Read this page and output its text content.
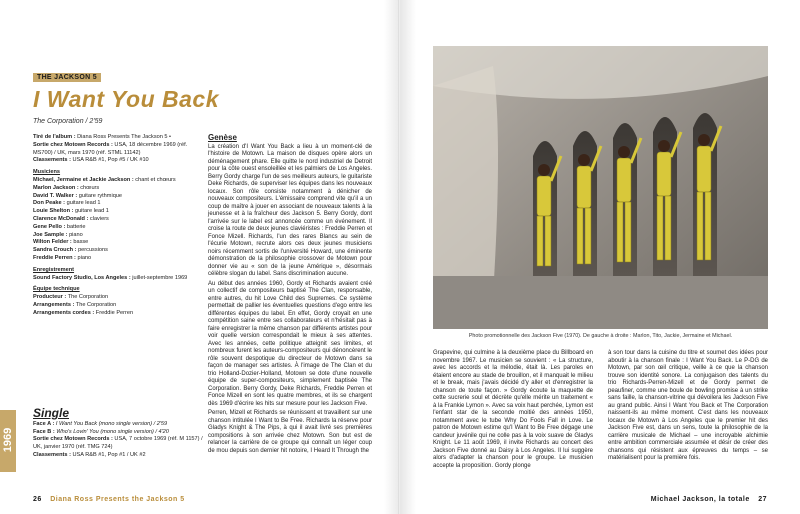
THE JACKSON 5
I Want You Back
The Corporation / 2'59

Tiré de l'album : Diana Ross Presents The Jackson 5 •

Sortie chez Motown Records : USA, 18 décembre 1969 (réf. MS700) / UK, mars 1970 (réf. STML 11142)

Classements : USA R&B #1, Pop #5 / UK #10

Musiciens

Michael, Jermaine et Jackie Jackson : chant et chœurs

Marlon Jackson : chœurs

David T. Walker : guitare rythmique

Don Peake : guitare lead 1

Louie Shelton : guitare lead 1

Clarence McDonald : claviers

Gene Pello : batterie

Joe Sample : piano

Wilton Felder : basse

Sandra Crouch : percussions

Freddie Perren : piano

Enregistrement

Sound Factory Studio, Los Angeles : juillet-septembre 1969

Équipe technique

Producteur : The Corporation

Arrangements : The Corporation

Arrangements cordes : Freddie Perren

1969
Single

Face A : I Want You Back (mono single version) / 2'59

Face B : Who's Lovin' You (mono single version) / 4'20

Sortie chez Motown Records : USA, 7 octobre 1969 (réf. M 1157) / UK, janvier 1970 (réf. TMG 724)

Classements : USA R&B #1, Pop #1 / UK #2

Genèse

La création d'I Want You Back a lieu à un moment-clé de l'histoire de Motown. La maison de disques opère alors un déménagement phare. Elle quitte le nord industriel de Detroit pour la côte ouest ensoleillée et les palmiers de Los Angeles. Berry Gordy charge l'un de ses meilleurs auteurs, le guitariste Deke Richards, de superviser les équipes dans les nouveaux locaux. Son rôle consiste notamment à dénicher de nouveaux compositeurs. L'émissaire comprend vite qu'il a un coup de maître à jouer en associant de nouveaux talents à la jeunesse et à la fraîcheur des Jackson 5. Berry Gordy, dont l'arrivée sur le label est annoncée comme un événement. Il croise la route de deux jeunes claviéristes : Freddie Perren et Fonce Mizell. Richards, l'un des rares Blancs au sein de l'écurie Motown, recrute alors ces deux jeunes musiciens noirs récemment sortis de l'université Howard, une éminente démonstration de la philosophie crossover de Motown pour donner vie au « son de la jeune Amérique », désormais célèbre slogan du label. Sans discrimination aucune.

Au début des années 1960, Gordy et Richards avaient créé un collectif de compositeurs baptisé The Clan, responsable, entre autres, du hit Love Child des Supremes. Ce système permettait de pallier les éventuelles questions d'ego entre les différentes équipes du label. En effet, Gordy croyait en une compétition saine entre ses collaborateurs et n'hésitait pas à faire enregistrer la même chanson par différents artistes pour voir quelle version correspondait le mieux à ses attentes. Avec les années, cette politique atteignit ses limites, et nombreux furent les auteurs-compositeurs qui dénoncèrent le rôle souvent despotique du directeur de Motown dans sa façon de manager ses artistes. À l'image de The Clan et du trio Holland-Dozier-Holland, Motown se dote d'une nouvelle équipe de super-compositeurs, simplement baptisée The Corporation. Berry Gordy, Deke Richards, Freddie Perren et Fonce Mizell en sont les quatre membres, et ils se chargent dès 1969 d'écrire les hits sur mesure pour les Jackson Five.

Perren, Mizell et Richards se réunissent et travaillent sur une chanson intitulée I Want to Be Free. Richards la réserve pour Gladys Knight & The Pips, à qui il avait livré ses premières compositions à son arrivée chez Motown. Son but est de relancer la carrière de ce groupe qui connaît un léger coup de mou depuis son dernier hit notoire, I Heard It Through the

26 Diana Ross Presents the Jackson 5
Photo promotionnelle des Jackson Five (1970). De gauche à droite : Marlon, Tito, Jackie, Jermaine et Michael.

Grapevine, qui culmine à la deuxième place du Billboard en novembre 1967. Le musicien se souvient : « La structure, avec les accords et la mélodie, était là. Les paroles en étaient encore au stade de brouillon, et il manquait le milieu et le break, mais j'avais décidé d'y aller et d'enregistrer la chanson de toute façon. » Gordy écoute la maquette de cette sucrerie soul et décrète qu'elle mérite un traitement « à la Frankie Lymon ». Avec sa voix haut perchée, Lymon est l'enfant star de la seconde moitié des années 1950, notamment avec le tube Why Do Fools Fall in Love. Le patron de Motown estime qu'I Want to Be Free dégage une candeur juvénile qui ne colle pas à la voix suave de Gladys Knight. Le 11 août 1969, il invite Richards au concert des Jackson Five donné au Daisy à Los Angeles. Il lui suggère alors d'adapter la chanson pour le groupe. Le musicien accepte la proposition. Gordy plonge

à son tour dans la cuisine du titre et soumet des idées pour aboutir à la chanson finale : I Want You Back. Le P-DG de Motown, par son œil critique, veille à ce que la chanson trouve son identité sonore. La conjugaison des talents du trio Richards-Perren-Mizell et de Gordy permet de peaufiner, comme une boule de bowling promise à un strike sans faille, la chanson-vitrine qui dévoilera les Jackson Five au grand public. Ainsi I Want You Back et The Corporation naissent-ils au même moment. C'est dans les nouveaux locaux de Motown à Los Angeles que le premier hit des Jackson Five est, dans un sens, toute la philosophie de la carrière musicale de Michael – une incroyable alchimie entre ambition commerciale assumée et désir de créer des chansons qui résistent aux épreuves du temps – se matérialisent pour la première fois.

Michael Jackson, la totale 27
